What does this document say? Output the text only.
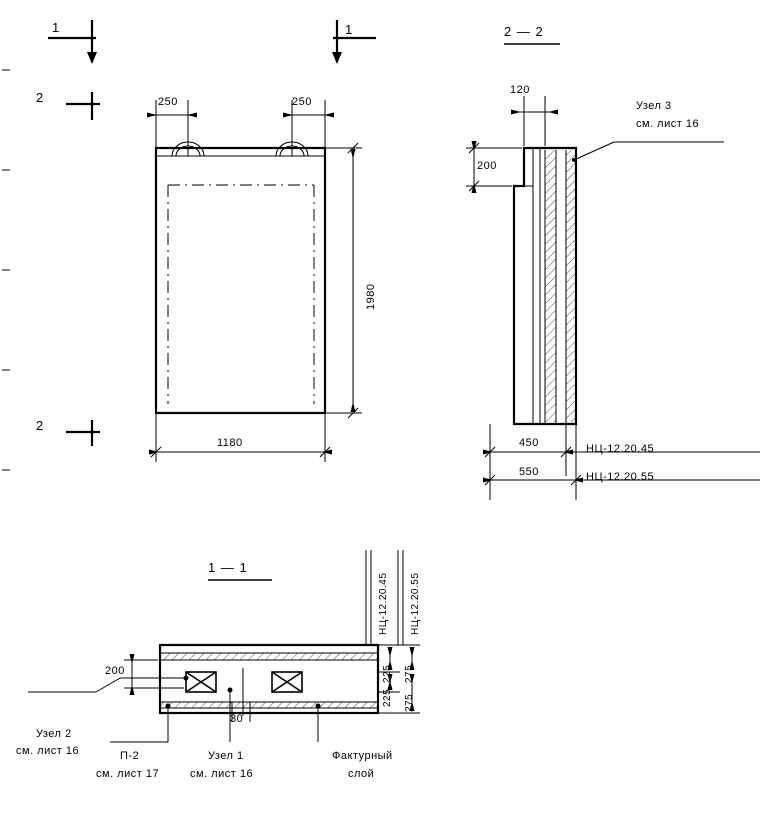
1	1
2
2
2 — 2
1 — 1
250	250
1980
1180
120
200
450
550
Узел 3
см. лист 16
НЦ-12.20.45
НЦ-12.20.55
200
30
НЦ-12.20.45 НЦ-12.20.55
225
225
275
275
Узел 2
см. лист 16	П-2
см. лист 17
Узел 1
см. лист 16
Фактурный
слой
